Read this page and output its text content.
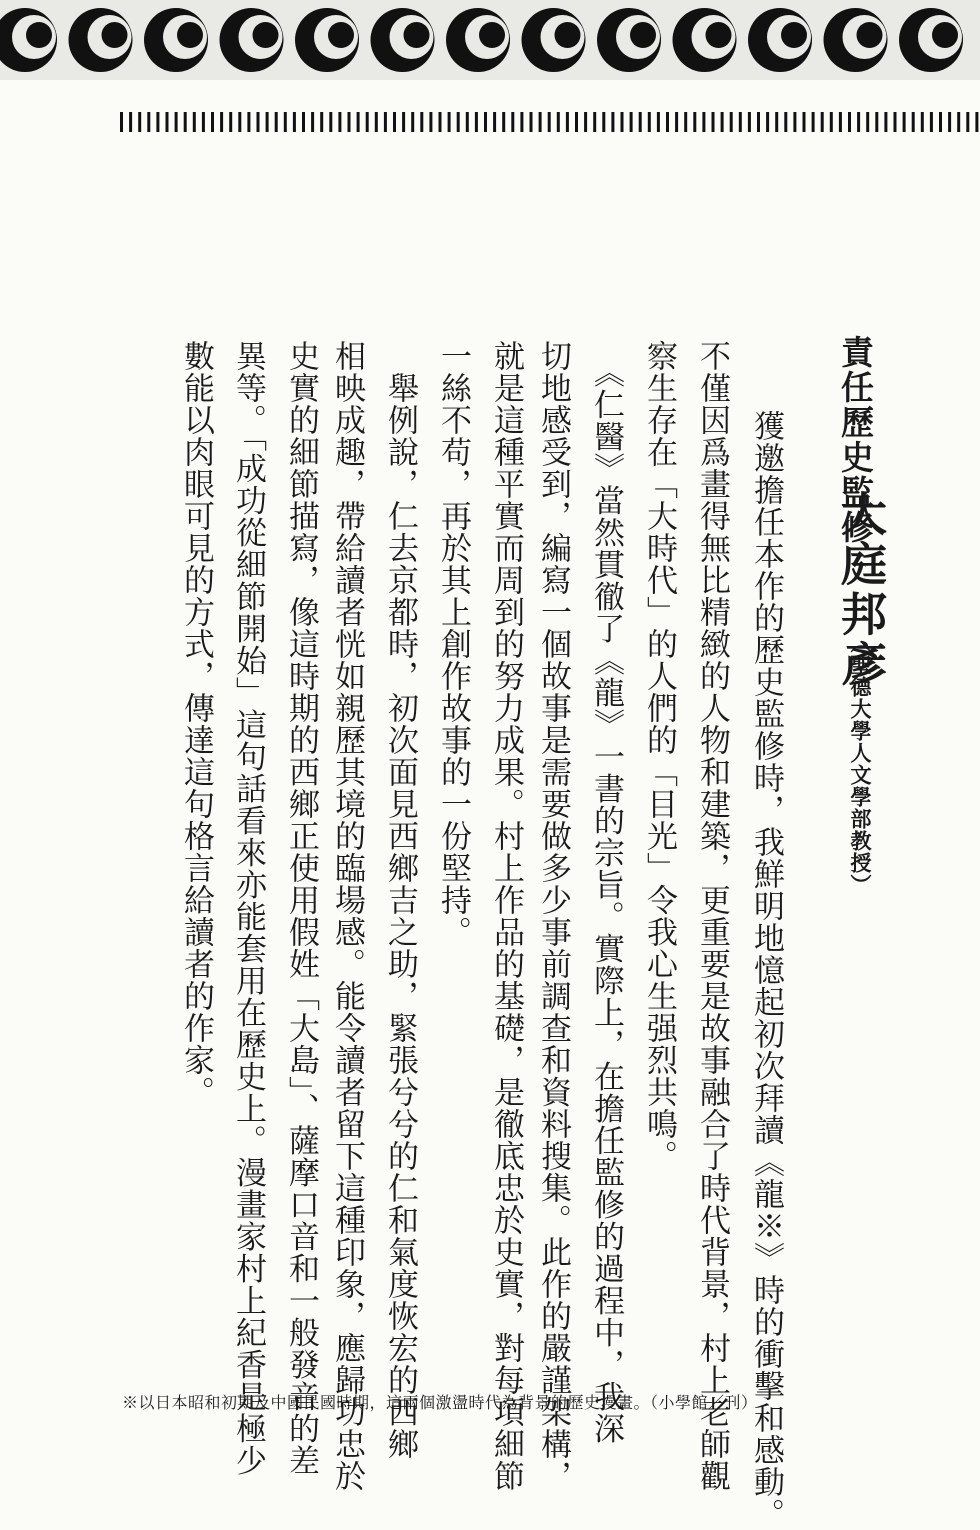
責任歷史監修
大庭邦彥
︵聖德大學人文學部教授︶
　獲邀擔任本作的歷史監修時，我鮮明地憶起初次拜讀《龍※》時的衝擊和感動。
不僅因爲畫得無比精緻的人物和建築，更重要是故事融合了時代背景，村上老師觀
察生存在「大時代」的人們的「目光」令我心生强烈共鳴。
　《仁醫》當然貫徹了《龍》一書的宗旨。實際上，在擔任監修的過程中，我深
切地感受到，編寫一個故事是需要做多少事前調查和資料搜集。此作的嚴謹架構，
就是這種平實而周到的努力成果。村上作品的基礎，是徹底忠於史實，對每項細節
一絲不苟，再於其上創作故事的一份堅持。
　舉例說，仁去京都時，初次面見西鄉吉之助，緊張兮兮的仁和氣度恢宏的西鄉
相映成趣，帶給讀者恍如親歷其境的臨場感。能令讀者留下這種印象，應歸功忠於
史實的細節描寫，像這時期的西鄉正使用假姓「大島」、薩摩口音和一般發音的差
異等。「成功從細節開始」這句話看來亦能套用在歷史上。漫畫家村上紀香是極少
數能以肉眼可見的方式，傳達這句格言給讀者的作家。
※以日本昭和初期及中國民國時期，這兩個激盪時代為背景的歷史漫畫。（小學館／刊）
